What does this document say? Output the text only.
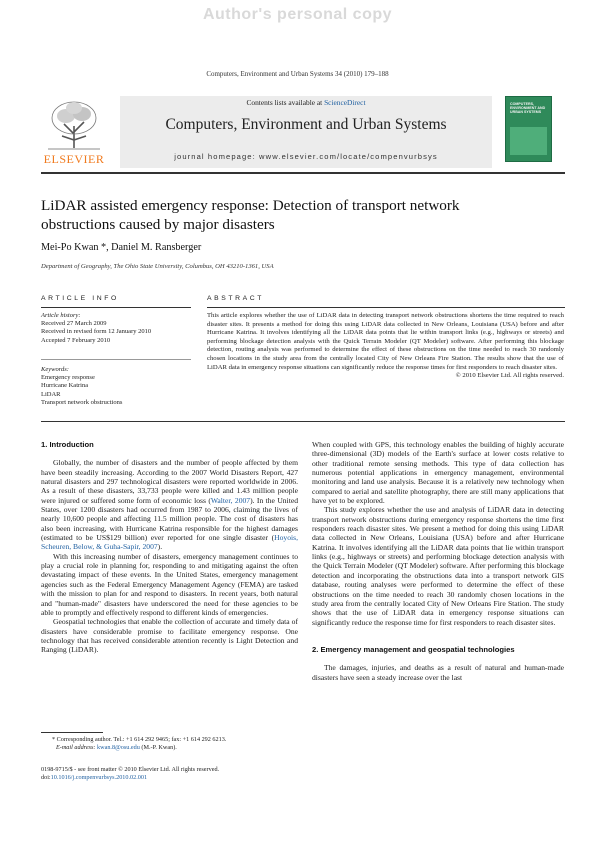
Author's personal copy
Computers, Environment and Urban Systems 34 (2010) 179–188
Contents lists available at ScienceDirect
Computers, Environment and Urban Systems
journal homepage: www.elsevier.com/locate/compenvurbsys
ELSEVIER
COMPUTERS, ENVIRONMENT AND URBAN SYSTEMS
LiDAR assisted emergency response: Detection of transport network obstructions caused by major disasters
Mei-Po Kwan *, Daniel M. Ransberger
Department of Geography, The Ohio State University, Columbus, OH 43210-1361, USA
ARTICLE INFO	ABSTRACT
Article history:
Received 27 March 2009
Received in revised form 12 January 2010
Accepted 7 February 2010
Keywords:
Emergency response
Hurricane Katrina
LiDAR
Transport network obstructions
This article explores whether the use of LiDAR data in detecting transport network obstructions shortens the time required to reach disaster sites. It presents a method for doing this using LiDAR data collected in New Orleans, Louisiana (USA) before and after Hurricane Katrina. It involves identifying all the LiDAR data points that lie within transport links (e.g., highways or streets) and performing blockage detection analysis with the Quick Terrain Modeler (QT Modeler) software. After performing this blockage detection, routing analysis was performed to determine the effect of these obstructions on the time needed to reach 30 randomly chosen locations in the study area from the centrally located City of New Orleans Fire Station. The results show that the use of LiDAR data in emergency response situations can significantly reduce the response times for first responders to reach disaster sites.
© 2010 Elsevier Ltd. All rights reserved.
1. Introduction

Globally, the number of disasters and the number of people affected by them have been steadily increasing. According to the 2007 World Disasters Report, 427 natural disasters and 297 technological disasters were reported worldwide in 2006. As a result of these disasters, 33,733 people were killed and 1.43 million people were injured or suffered some form of economic loss (Walter, 2007). In the United States, over 1200 disasters had occurred from 1987 to 2006, claiming the lives of nearly 10,600 people and affecting 11.5 million people. The cost of disasters has also been increasing, with Hurricane Katrina responsible for the highest damages (estimated to be US$129 billion) ever reported for one single disaster (Hoyois, Scheuren, Below, & Guha-Sapir, 2007).

With this increasing number of disasters, emergency management continues to play a crucial role in planning for, responding to and mitigating against the often devastating impact of these events. In the United States, emergency management agencies such as the Federal Emergency Management Agency (FEMA) are tasked with the mission to plan for and respond to disasters. In recent years, both natural and "human-made" disasters have underscored the need for these agencies to be able to promptly and effectively respond to different kinds of emergencies.

Geospatial technologies that enable the collection of accurate and timely data of disasters have considerable promise to facilitate emergency response. One technology that has received considerable attention recently is Light Detection and Ranging (LiDAR).

When coupled with GPS, this technology enables the building of highly accurate three-dimensional (3D) models of the Earth's surface at lower costs relative to other traditional remote sensing methods. This type of data collection has numerous potential applications in emergency management, environmental monitoring and land use analysis. Because it is a relatively new technology when compared to aerial and satellite photography, there are still many applications that have yet to be explored.

This study explores whether the use and analysis of LiDAR data in detecting transport network obstructions during emergency response shortens the time first responders reach disaster sites. We present a method for doing this using LiDAR data collected in New Orleans, Louisiana (USA) before and after Hurricane Katrina. It involves identifying all the LiDAR data points that lie within transport links (e.g., highways or streets) and performing blockage detection analysis with the Quick Terrain Modeler (QT Modeler) software. After performing this blockage detection and incorporating the obstructions data into a transport network GIS database, routing analyses were performed to determine the effect of these obstructions on the time needed to reach 30 randomly chosen locations in the study area from the centrally located City of New Orleans Fire Station. The study shows that the use of LiDAR data in emergency response situations can significantly reduce the response time for first responders to reach disaster sites.

2. Emergency management and geospatial technologies

The damages, injuries, and deaths as a result of natural and human-made disasters have seen a steady increase over the last

* Corresponding author. Tel.: +1 614 292 9465; fax: +1 614 292 6213.
E-mail address: kwan.8@osu.edu (M.-P. Kwan).
0198-9715/$ - see front matter © 2010 Elsevier Ltd. All rights reserved.
doi:10.1016/j.compenvurbsys.2010.02.001
